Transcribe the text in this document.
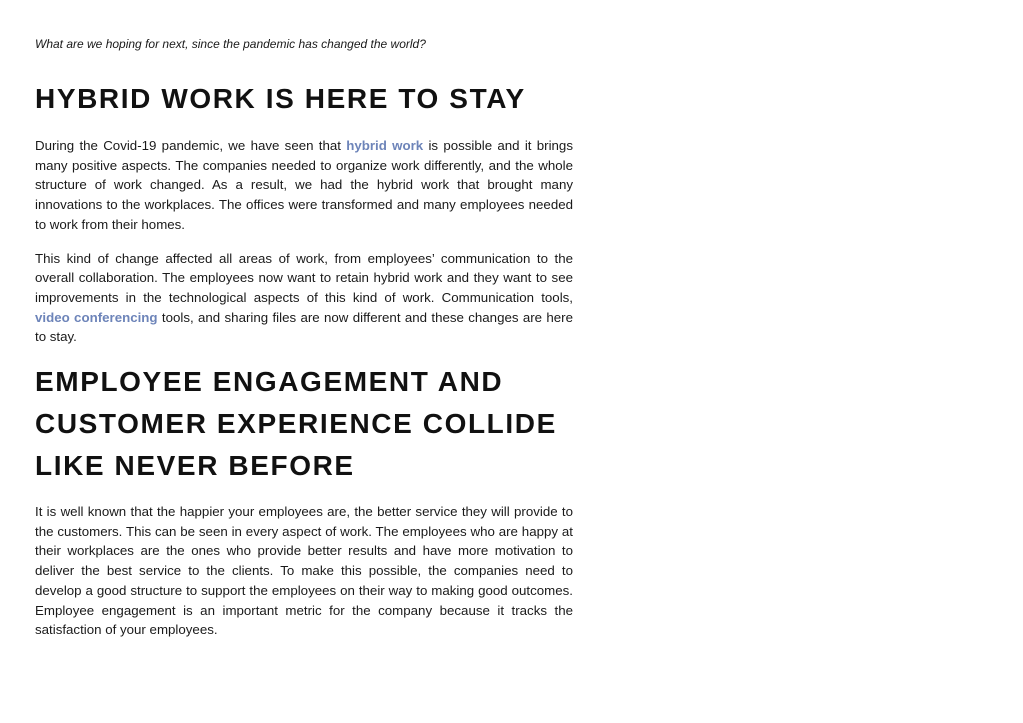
What are we hoping for next, since the pandemic has changed the world?

HYBRID WORK IS HERE TO STAY

During the Covid-19 pandemic, we have seen that hybrid work is possible and it brings many positive aspects. The companies needed to organize work differently, and the whole structure of work changed. As a result, we had the hybrid work that brought many innovations to the workplaces. The offices were transformed and many employees needed to work from their homes.

This kind of change affected all areas of work, from employees’ communication to the overall collaboration. The employees now want to retain hybrid work and they want to see improvements in the technological aspects of this kind of work. Communication tools, video conferencing tools, and sharing files are now different and these changes are here to stay.

EMPLOYEE ENGAGEMENT AND CUSTOMER EXPERIENCE COLLIDE LIKE NEVER BEFORE

It is well known that the happier your employees are, the better service they will provide to the customers. This can be seen in every aspect of work. The employees who are happy at their workplaces are the ones who provide better results and have more motivation to deliver the best service to the clients. To make this possible, the companies need to develop a good structure to support the employees on their way to making good outcomes. Employee engagement is an important metric for the company because it tracks the satisfaction of your employees.
